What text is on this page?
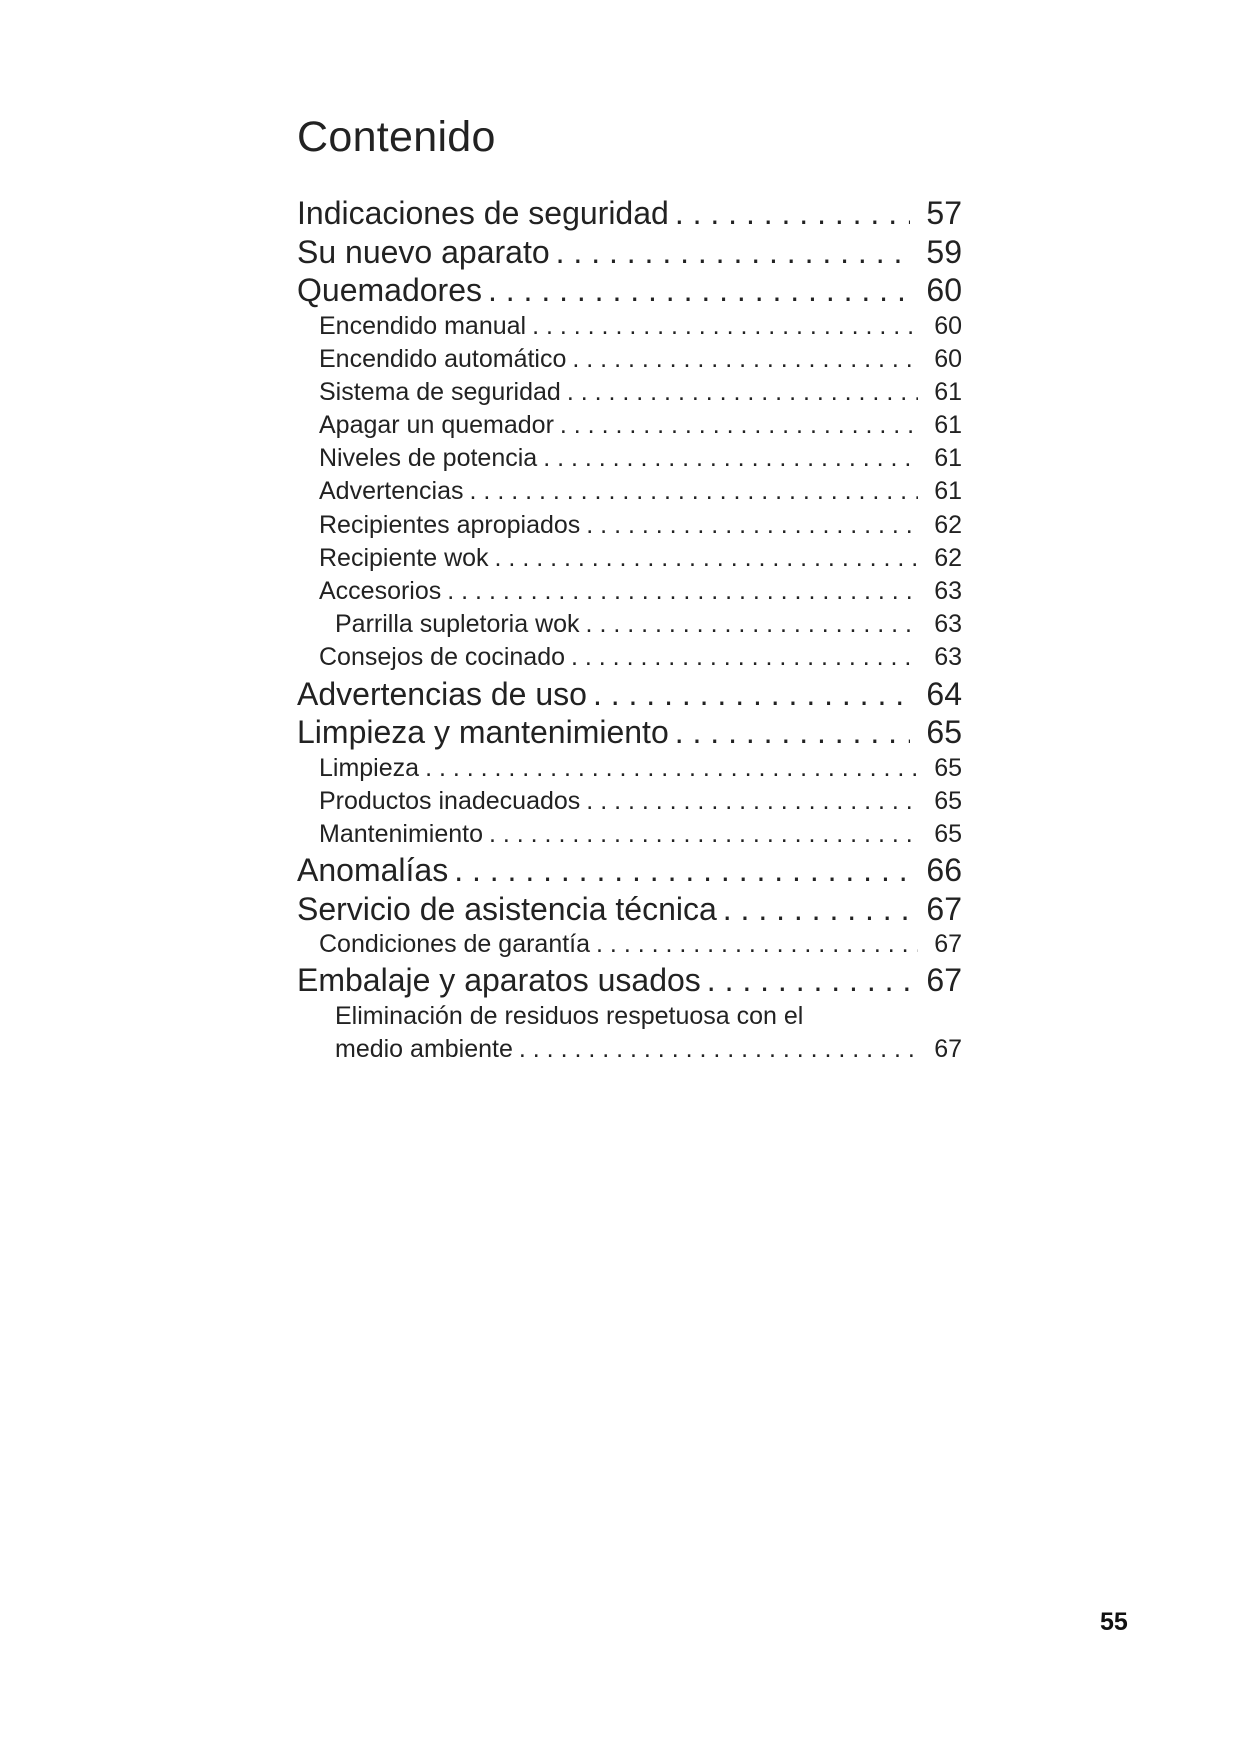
Contenido
Indicaciones de seguridad . . .	57
Su nuevo aparato . . .	59
Quemadores . . .	60
Encendido manual . . .	60
Encendido automático . . .	60
Sistema de seguridad . . .	61
Apagar un quemador . . .	61
Niveles de potencia . . .	61
Advertencias . . .	61
Recipientes apropiados . . .	62
Recipiente wok . . .	62
Accesorios . . .	63
Parrilla supletoria wok . . .	63
Consejos de cocinado . . .	63
Advertencias de uso . . .	64
Limpieza y mantenimiento . . .	65
Limpieza . . .	65
Productos inadecuados . . .	65
Mantenimiento . . .	65
Anomalías . . .	66
Servicio de asistencia técnica . . .	67
Condiciones de garantía . . .	67
Embalaje y aparatos usados . . .	67
Eliminación de residuos respetuosa con el
medio ambiente . . .	67
55
